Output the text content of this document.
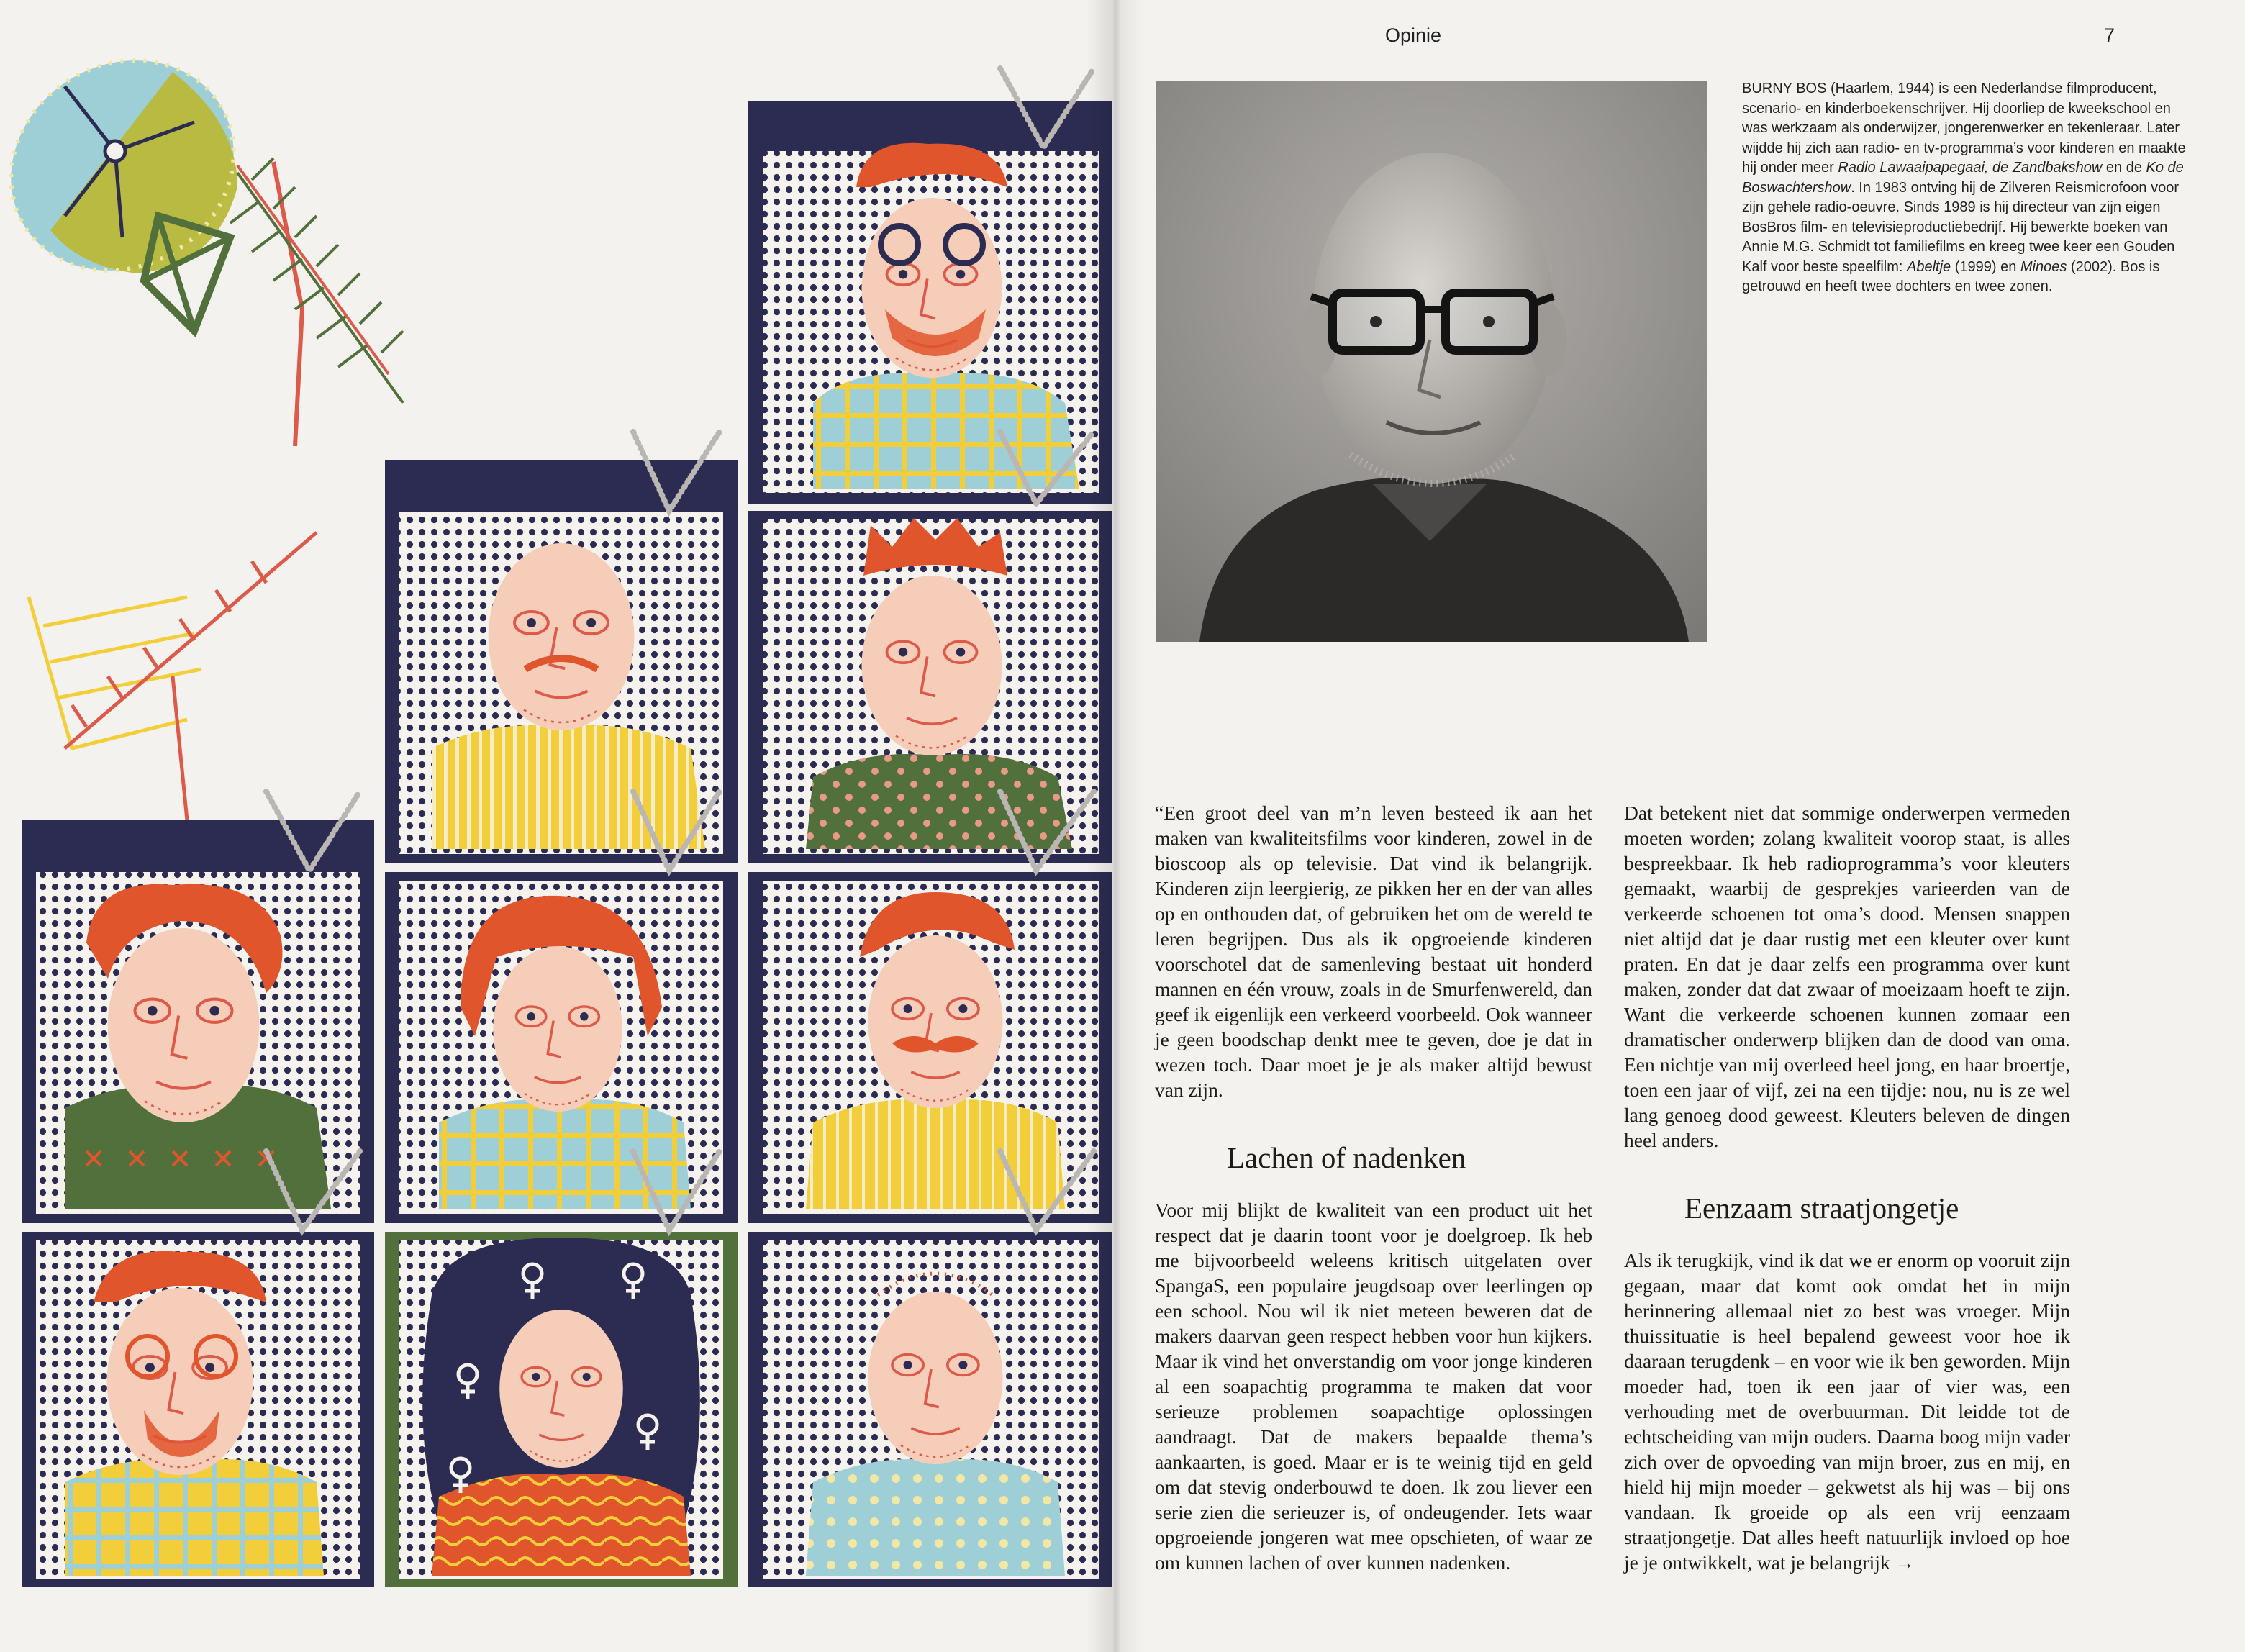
Opinie	7
BURNY BOS (Haarlem, 1944) is een Nederlandse filmproducent, scenario- en kinderboekenschrijver. Hij doorliep de kweekschool en was werkzaam als onderwijzer, jongerenwerker en tekenleraar. Later wijdde hij zich aan radio- en tv-programma’s voor kinderen en maakte hij onder meer Radio Lawaaipapegaai, de Zandbakshow en de Ko de Boswachtershow. In 1983 ontving hij de Zilveren Reismicrofoon voor zijn gehele radio-oeuvre. Sinds 1989 is hij directeur van zijn eigen BosBros film- en televisieproductiebedrijf. Hij bewerkte boeken van Annie M.G. Schmidt tot familiefilms en kreeg twee keer een Gouden Kalf voor beste speelfilm: Abeltje (1999) en Minoes (2002). Bos is getrouwd en heeft twee dochters en twee zonen.

“Een groot deel van m’n leven besteed ik aan het maken van kwaliteitsfilms voor kinderen, zowel in de bioscoop als op televisie. Dat vind ik belangrijk. Kinderen zijn leergierig, ze pikken her en der van alles op en onthouden dat, of gebruiken het om de wereld te leren begrijpen. Dus als ik opgroeiende kinderen voorschotel dat de samenleving bestaat uit honderd mannen en één vrouw, zoals in de Smurfenwereld, dan geef ik eigenlijk een verkeerd voorbeeld. Ook wanneer je geen boodschap denkt mee te geven, doe je dat in wezen toch. Daar moet je je als maker altijd bewust van zijn.

Lachen of nadenken

Voor mij blijkt de kwaliteit van een product uit het respect dat je daarin toont voor je doelgroep. Ik heb me bijvoorbeeld weleens kritisch uitgelaten over SpangaS, een populaire jeugdsoap over leerlingen op een school. Nou wil ik niet meteen beweren dat de makers daarvan geen respect hebben voor hun kijkers. Maar ik vind het onverstandig om voor jonge kinderen al een soapachtig programma te maken dat voor serieuze problemen soapachtige oplossingen aandraagt. Dat de makers bepaalde thema’s aankaarten, is goed. Maar er is te weinig tijd en geld om dat stevig onderbouwd te doen. Ik zou liever een serie zien die serieuzer is, of ondeugender. Iets waar opgroeiende jongeren wat mee opschieten, of waar ze om kunnen lachen of over kunnen nadenken.

Dat betekent niet dat sommige onderwerpen vermeden moeten worden; zolang kwaliteit voorop staat, is alles bespreekbaar. Ik heb radioprogramma’s voor kleuters gemaakt, waarbij de gesprekjes varieerden van de verkeerde schoenen tot oma’s dood. Mensen snappen niet altijd dat je daar rustig met een kleuter over kunt praten. En dat je daar zelfs een programma over kunt maken, zonder dat dat zwaar of moeizaam hoeft te zijn. Want die verkeerde schoenen kunnen zomaar een dramatischer onderwerp blijken dan de dood van oma. Een nichtje van mij overleed heel jong, en haar broertje, toen een jaar of vijf, zei na een tijdje: nou, nu is ze wel lang genoeg dood geweest. Kleuters beleven de dingen heel anders.

Eenzaam straatjongetje

Als ik terugkijk, vind ik dat we er enorm op vooruit zijn gegaan, maar dat komt ook omdat het in mijn herinnering allemaal niet zo best was vroeger. Mijn thuissituatie is heel bepalend geweest voor hoe ik daaraan terugdenk – en voor wie ik ben geworden. Mijn moeder had, toen ik een jaar of vier was, een verhouding met de overbuurman. Dit leidde tot de echtscheiding van mijn ouders. Daarna boog mijn vader zich over de opvoeding van mijn broer, zus en mij, en hield hij mijn moeder – gekwetst als hij was – bij ons vandaan. Ik groeide op als een vrij eenzaam straatjongetje. Dat alles heeft natuurlijk invloed op hoe je je ontwikkelt, wat je belangrijk →
